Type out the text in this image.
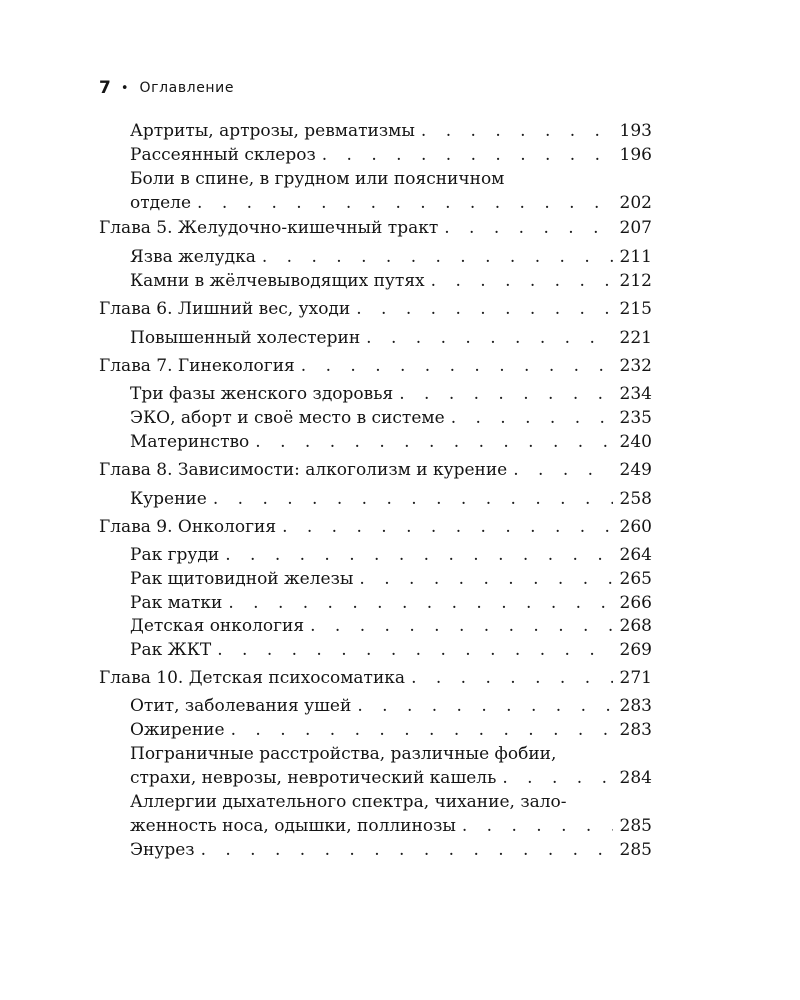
7 • Оглавление
Артриты, артрозы, ревматизмы . . .	193
Рассеянный склероз . . .	196
Боли в спине, в грудном или поясничном
отделе . . .	202
Глава 5. Желудочно-кишечный тракт . . .	207
Язва желудка . . .	211
Камни в жёлчевыводящих путях . . .	212
Глава 6. Лишний вес, уходи . . .	215
Повышенный холестерин . . .	221
Глава 7. Гинекология . . .	232
Три фазы женского здоровья . . .	234
ЭКО, аборт и своё место в системе . . .	235
Материнство . . .	240
Глава 8. Зависимости: алкоголизм и курение . . .	249
Курение . . .	258
Глава 9. Онкология . . .	260
Рак груди . . .	264
Рак щитовидной железы . . .	265
Рак матки . . .	266
Детская онкология . . .	268
Рак ЖКТ . . .	269
Глава 10. Детская психосоматика . . .	271
Отит, заболевания ушей . . .	283
Ожирение . . .	283
Пограничные расстройства, различные фобии,
страхи, неврозы, невротический кашель . . .	284
Аллергии дыхательного спектра, чихание, зало-
женность носа, одышки, поллинозы . . .	285
Энурез . . .	285
